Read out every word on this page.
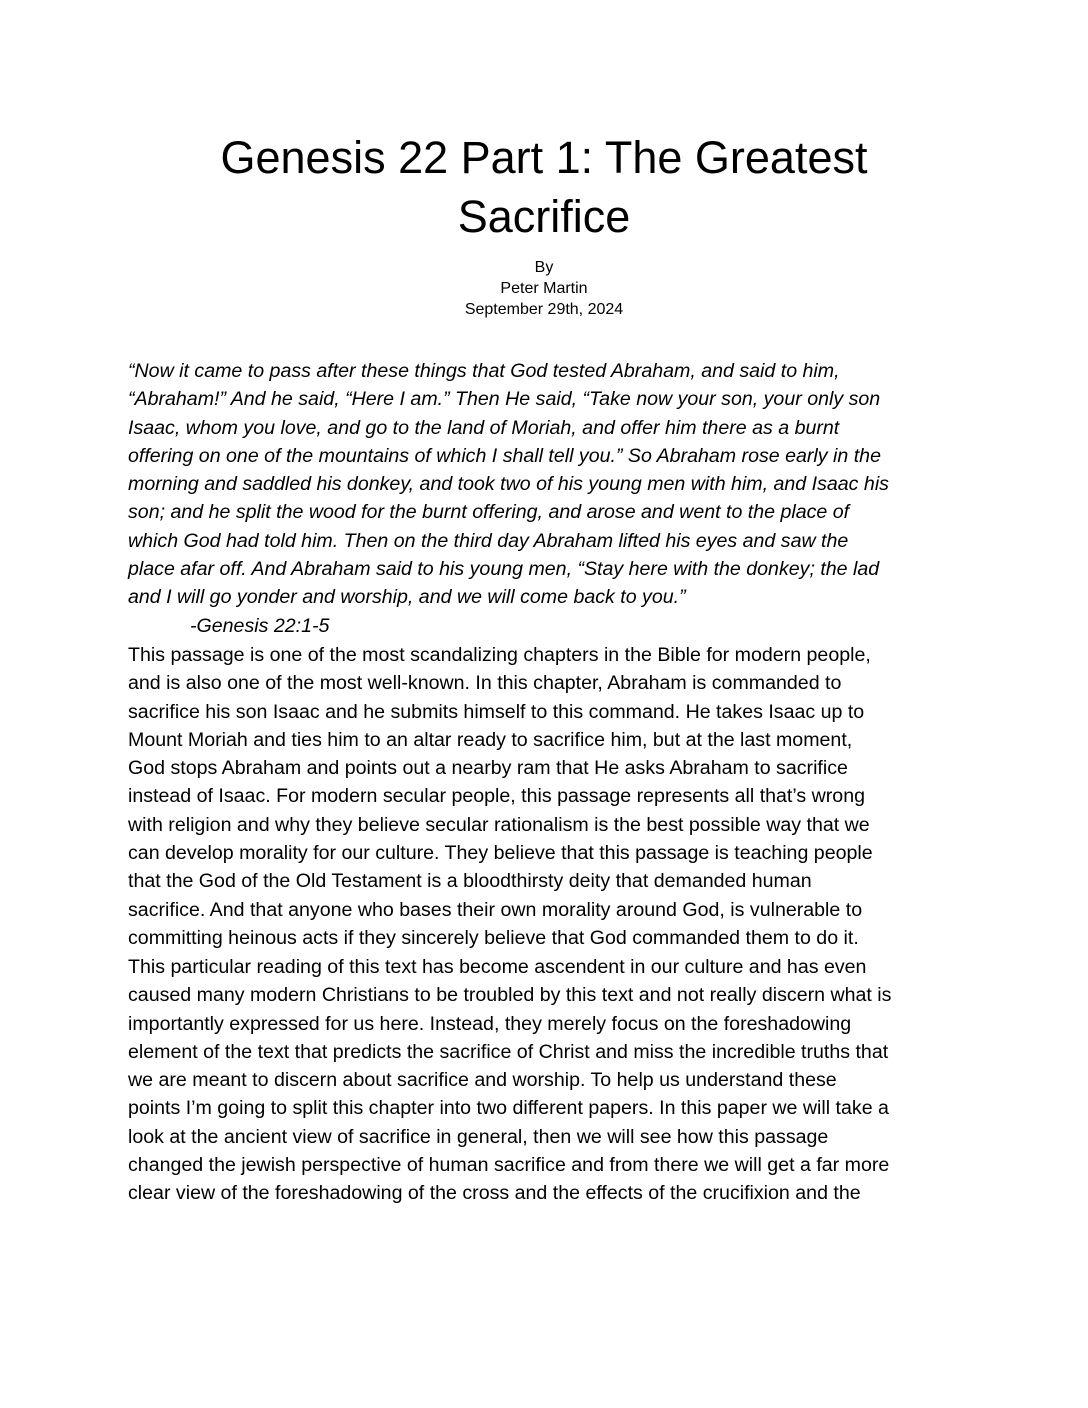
Genesis 22 Part 1: The Greatest
Sacrifice
By
Peter Martin
September 29th, 2024
“Now it came to pass after these things that God tested Abraham, and said to him,
“Abraham!” And he said, “Here I am.” Then He said, “Take now your son, your only son
Isaac, whom you love, and go to the land of Moriah, and offer him there as a burnt
offering on one of the mountains of which I shall tell you.” So Abraham rose early in the
morning and saddled his donkey, and took two of his young men with him, and Isaac his
son; and he split the wood for the burnt offering, and arose and went to the place of
which God had told him. Then on the third day Abraham lifted his eyes and saw the
place afar off. And Abraham said to his young men, “Stay here with the donkey; the lad
and I will go yonder and worship, and we will come back to you.”
-Genesis 22:1-5
This passage is one of the most scandalizing chapters in the Bible for modern people,
and is also one of the most well-known. In this chapter, Abraham is commanded to
sacrifice his son Isaac and he submits himself to this command. He takes Isaac up to
Mount Moriah and ties him to an altar ready to sacrifice him, but at the last moment,
God stops Abraham and points out a nearby ram that He asks Abraham to sacrifice
instead of Isaac. For modern secular people, this passage represents all that’s wrong
with religion and why they believe secular rationalism is the best possible way that we
can develop morality for our culture. They believe that this passage is teaching people
that the God of the Old Testament is a bloodthirsty deity that demanded human
sacrifice. And that anyone who bases their own morality around God, is vulnerable to
committing heinous acts if they sincerely believe that God commanded them to do it.
This particular reading of this text has become ascendent in our culture and has even
caused many modern Christians to be troubled by this text and not really discern what is
importantly expressed for us here. Instead, they merely focus on the foreshadowing
element of the text that predicts the sacrifice of Christ and miss the incredible truths that
we are meant to discern about sacrifice and worship. To help us understand these
points I’m going to split this chapter into two different papers. In this paper we will take a
look at the ancient view of sacrifice in general, then we will see how this passage
changed the jewish perspective of human sacrifice and from there we will get a far more
clear view of the foreshadowing of the cross and the effects of the crucifixion and the
